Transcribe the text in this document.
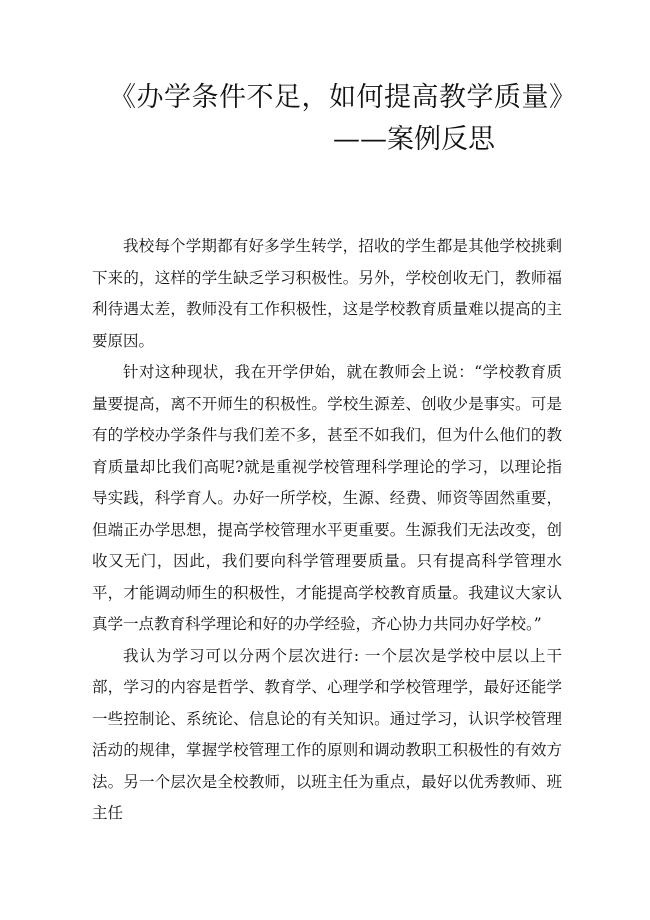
《办学条件不足，如何提高教学质量》
——案例反思

我校每个学期都有好多学生转学，招收的学生都是其他学校挑剩下来的，这样的学生缺乏学习积极性。另外，学校创收无门，教师福利待遇太差，教师没有工作积极性，这是学校教育质量难以提高的主要原因。

针对这种现状，我在开学伊始，就在教师会上说：“学校教育质量要提高，离不开师生的积极性。学校生源差、创收少是事实。可是有的学校办学条件与我们差不多，甚至不如我们，但为什么他们的教育质量却比我们高呢?就是重视学校管理科学理论的学习，以理论指导实践，科学育人。办好一所学校，生源、经费、师资等固然重要，但端正办学思想，提高学校管理水平更重要。生源我们无法改变，创收又无门，因此，我们要向科学管理要质量。只有提高科学管理水平，才能调动师生的积极性，才能提高学校教育质量。我建议大家认真学一点教育科学理论和好的办学经验，齐心协力共同办好学校。”

我认为学习可以分两个层次进行: 一个层次是学校中层以上干部，学习的内容是哲学、教育学、心理学和学校管理学，最好还能学一些控制论、系统论、信息论的有关知识。通过学习，认识学校管理活动的规律，掌握学校管理工作的原则和调动教职工积极性的有效方法。另一个层次是全校教师，以班主任为重点，最好以优秀教师、班主任
